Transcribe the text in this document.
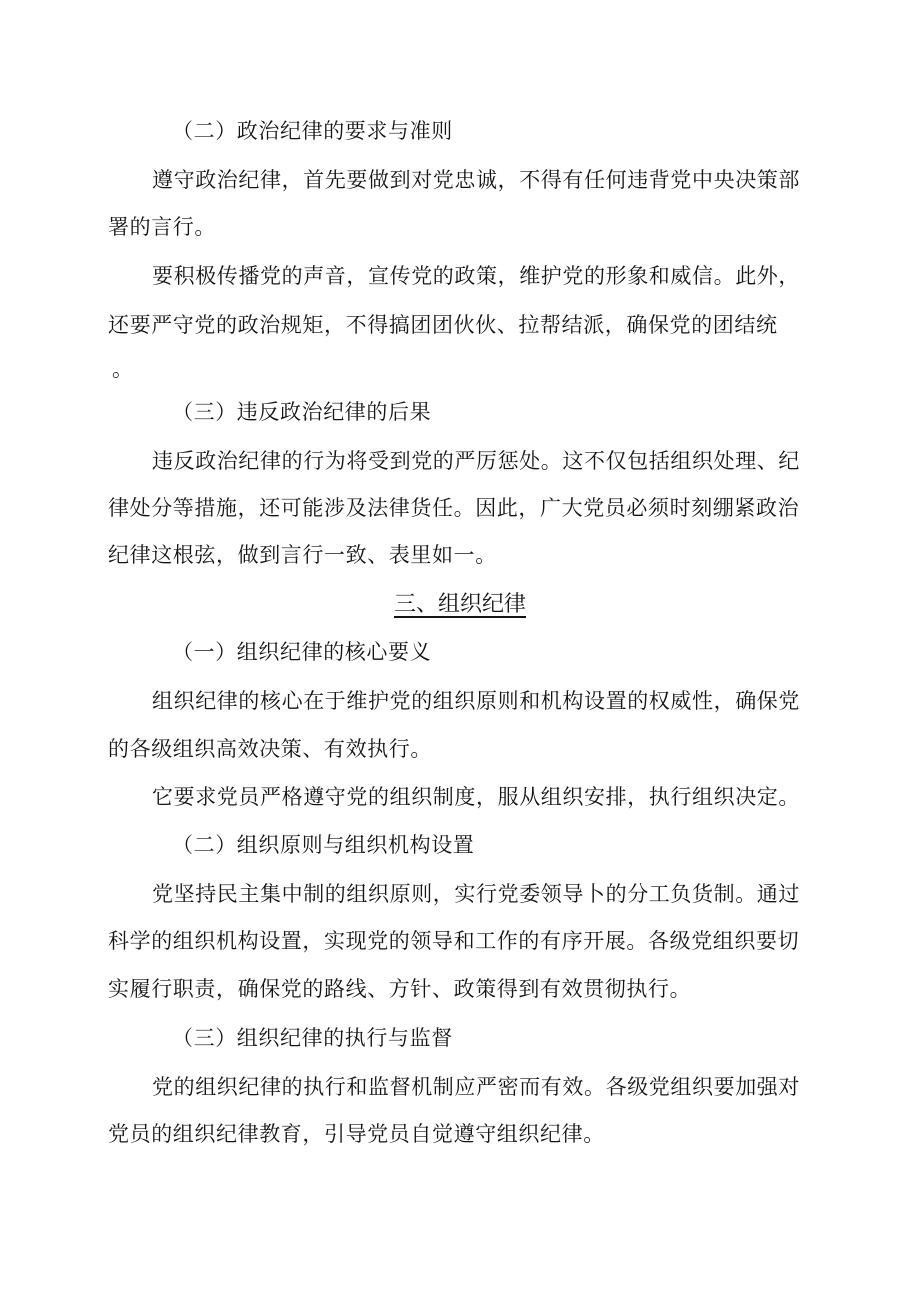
（二）政治纪律的要求与准则
遵守政治纪律，首先要做到对党忠诚，不得有任何违背党中央决策部
署的言行。
要积极传播党的声音，宣传党的政策，维护党的形象和威信。此外，
还要严守党的政治规矩，不得搞团团伙伙、拉帮结派，确保党的团结统
。
（三）违反政治纪律的后果
违反政治纪律的行为将受到党的严厉惩处。这不仅包括组织处理、纪
律处分等措施，还可能涉及法律货任。因此，广大党员必须时刻绷紧政治
纪律这根弦，做到言行一致、表里如一。
三、组织纪律
（一）组织纪律的核心要义
组织纪律的核心在于维护党的组织原则和机构设置的权威性，确保党
的各级组织高效决策、有效执行。
它要求党员严格遵守党的组织制度，服从组织安排，执行组织决定。
（二）组织原则与组织机构设置
党坚持民主集中制的组织原则，实行党委领导卜的分工负货制。通过
科学的组织机构设置，实现党的领导和工作的有序开展。各级党组织要切
实履行职责，确保党的路线、方针、政策得到有效贯彻执行。
（三）组织纪律的执行与监督
党的组织纪律的执行和监督机制应严密而有效。各级党组织要加强对
党员的组织纪律教育，引导党员自觉遵守组织纪律。
